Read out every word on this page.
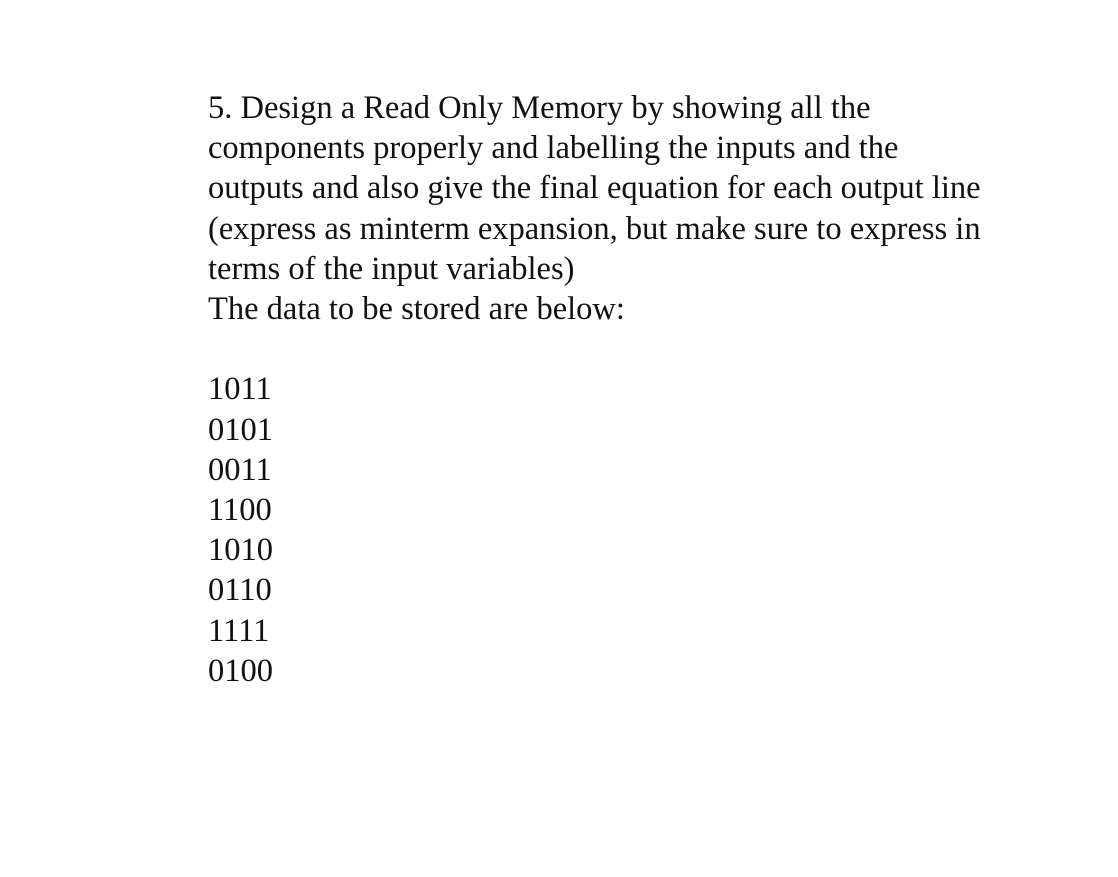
5. Design a Read Only Memory by showing all the
components properly and labelling the inputs and the
outputs and also give the final equation for each output line
(express as minterm expansion, but make sure to express in
terms of the input variables)
The data to be stored are below:
1011
0101
0011
1100
1010
0110
1111
0100
